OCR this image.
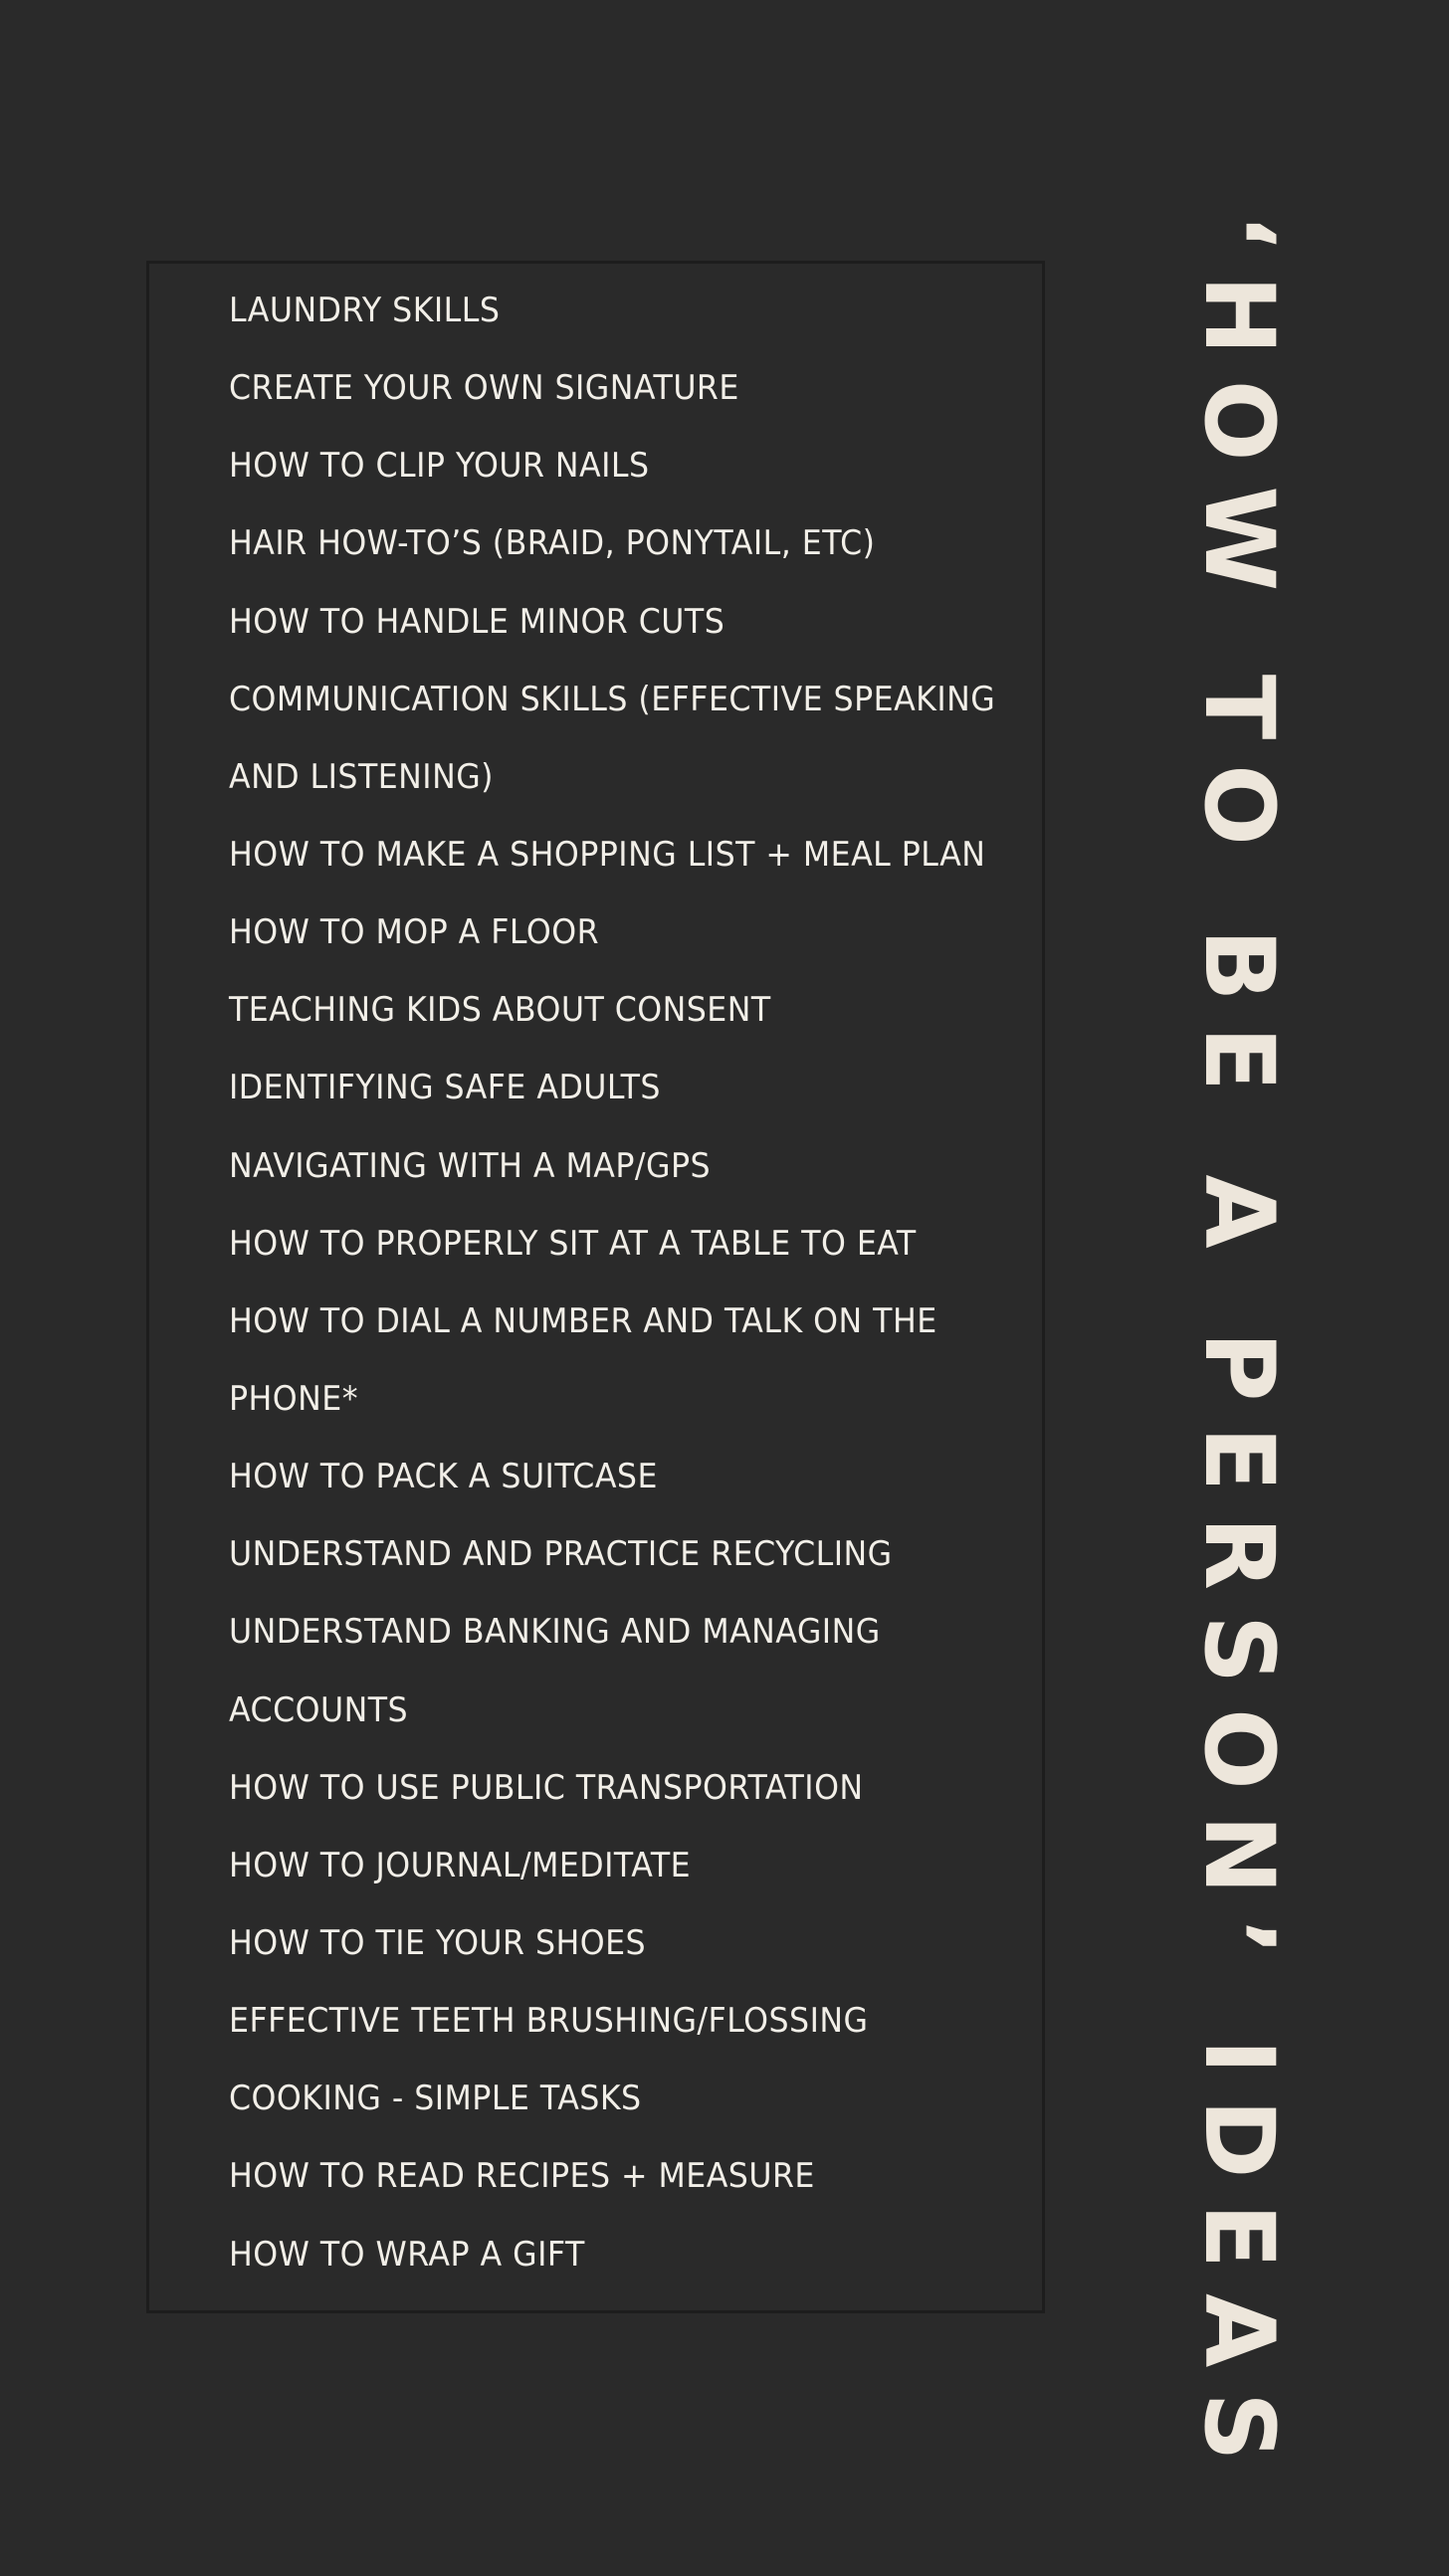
LAUNDRY SKILLS
CREATE YOUR OWN SIGNATURE
HOW TO CLIP YOUR NAILS
HAIR HOW-TO’S (BRAID, PONYTAIL, ETC)
HOW TO HANDLE MINOR CUTS
COMMUNICATION SKILLS (EFFECTIVE SPEAKING
AND LISTENING)
HOW TO MAKE A SHOPPING LIST + MEAL PLAN
HOW TO MOP A FLOOR
TEACHING KIDS ABOUT CONSENT
IDENTIFYING SAFE ADULTS
NAVIGATING WITH A MAP/GPS
HOW TO PROPERLY SIT AT A TABLE TO EAT
HOW TO DIAL A NUMBER AND TALK ON THE
PHONE*
HOW TO PACK A SUITCASE
UNDERSTAND AND PRACTICE RECYCLING
UNDERSTAND BANKING AND MANAGING
ACCOUNTS
HOW TO USE PUBLIC TRANSPORTATION
HOW TO JOURNAL/MEDITATE
HOW TO TIE YOUR SHOES
EFFECTIVE TEETH BRUSHING/FLOSSING
COOKING - SIMPLE TASKS
HOW TO READ RECIPES + MEASURE
HOW TO WRAP A GIFT	‘HOW TO BE A PERSON’ IDEAS
